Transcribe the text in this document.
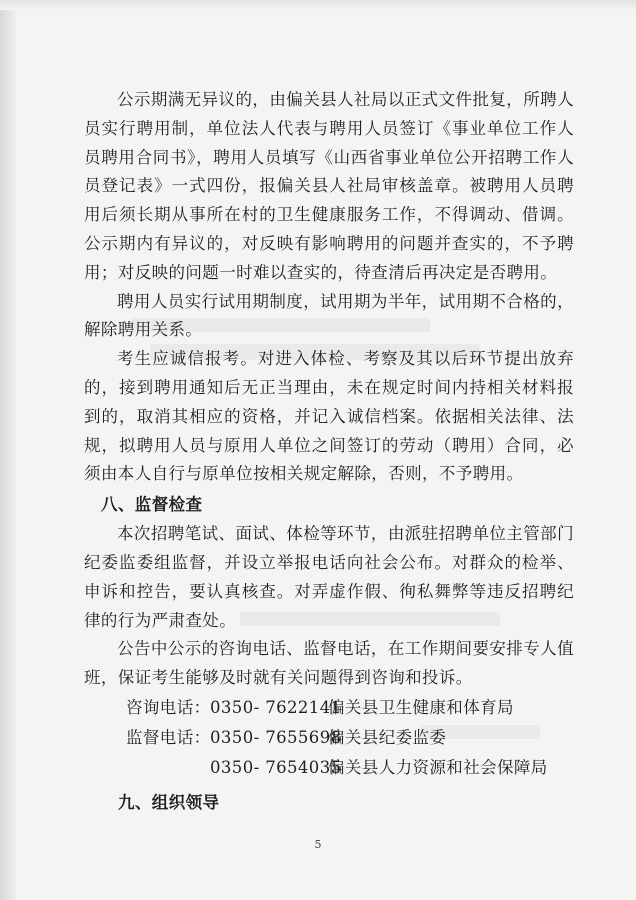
公示期满无异议的，由偏关县人社局以正式文件批复，所聘人员实行聘用制，单位法人代表与聘用人员签订《事业单位工作人员聘用合同书》，聘用人员填写《山西省事业单位公开招聘工作人员登记表》一式四份，报偏关县人社局审核盖章。被聘用人员聘用后须长期从事所在村的卫生健康服务工作，不得调动、借调。公示期内有异议的，对反映有影响聘用的问题并查实的，不予聘用；对反映的问题一时难以查实的，待查清后再决定是否聘用。

聘用人员实行试用期制度，试用期为半年，试用期不合格的，解除聘用关系。

考生应诚信报考。对进入体检、考察及其以后环节提出放弃的，接到聘用通知后无正当理由，未在规定时间内持相关材料报到的，取消其相应的资格，并记入诚信档案。依据相关法律、法规，拟聘用人员与原用人单位之间签订的劳动（聘用）合同，必须由本人自行与原单位按相关规定解除，否则，不予聘用。

八、监督检查

本次招聘笔试、面试、体检等环节，由派驻招聘单位主管部门纪委监委组监督，并设立举报电话向社会公布。对群众的检举、申诉和控告，要认真核查。对弄虚作假、徇私舞弊等违反招聘纪律的行为严肃查处。

公告中公示的咨询电话、监督电话，在工作期间要安排专人值班，保证考生能够及时就有关问题得到咨询和投诉。

咨询电话：0350- 7622141偏关县卫生健康和体育局

监督电话：0350- 7655698偏关县纪委监委

0350- 7654035偏关县人力资源和社会保障局

九、组织领导

5
